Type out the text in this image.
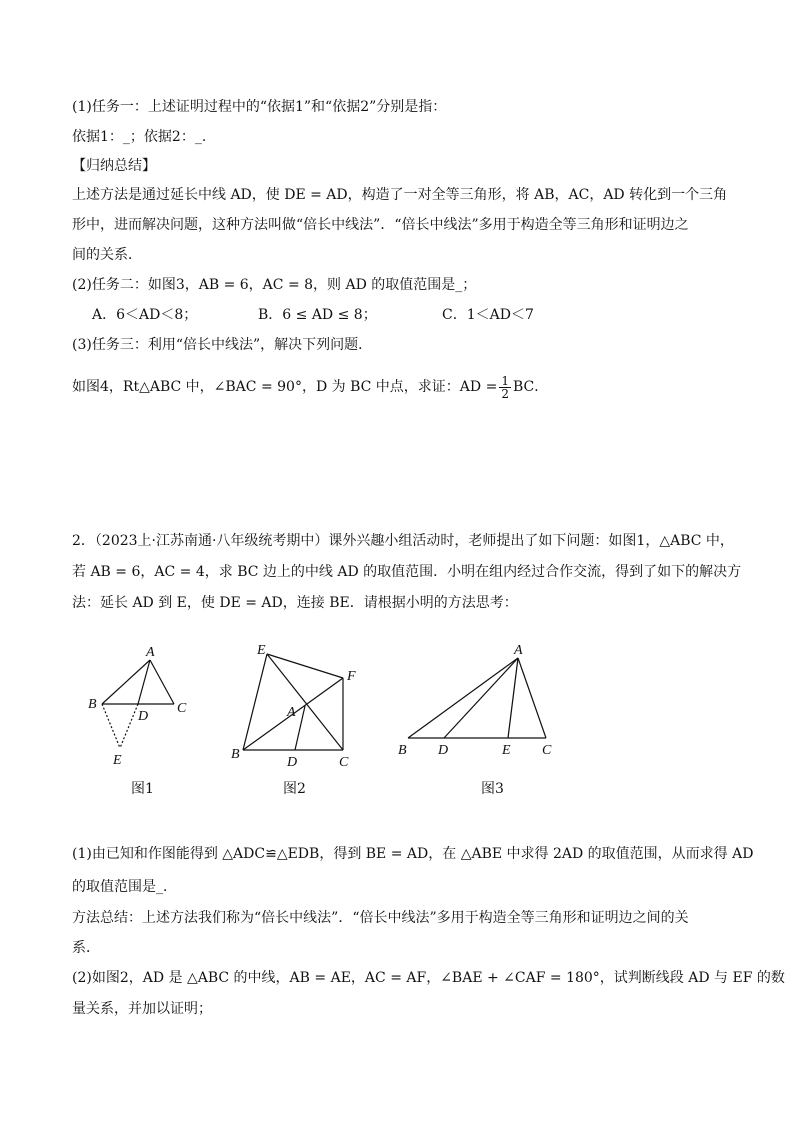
(1)任务一：上述证明过程中的“依据1”和“依据2”分别是指：
依据1：_；依据2：_.
【归纳总结】
上述方法是通过延长中线 AD，使 DE = AD，构造了一对全等三角形，将 AB，AC，AD 转化到一个三角
形中，进而解决问题，这种方法叫做“倍长中线法”．“倍长中线法”多用于构造全等三角形和证明边之
间的关系．
(2)任务二：如图3，AB = 6，AC = 8，则 AD 的取值范围是_；
A．6＜AD＜8；	B．6 ≤ AD ≤ 8；	C．1＜AD＜7
(3)任务三：利用“倍长中线法”，解决下列问题．
如图4，Rt△ABC 中，∠BAC = 90°，D 为 BC 中点，求证：AD = $\frac{1}{2}$ BC．
2．（2023上·江苏南通·八年级统考期中）课外兴趣小组活动时，老师提出了如下问题：如图1，△ABC 中，
若 AB = 6，AC = 4，求 BC 边上的中线 AD 的取值范围．小明在组内经过合作交流，得到了如下的解决方
法：延长 AD 到 E，使 DE = AD，连接 BE．请根据小明的方法思考：
A
B	C
D
E
图1
E
F
A
B
D	C
图2
A
B D	E C
图3
(1)由已知和作图能得到 △ADC≌△EDB，得到 BE = AD，在 △ABE 中求得 2AD 的取值范围，从而求得 AD
的取值范围是_．
方法总结：上述方法我们称为“倍长中线法”．“倍长中线法”多用于构造全等三角形和证明边之间的关
系．
(2)如图2，AD 是 △ABC 的中线，AB = AE，AC = AF，∠BAE + ∠CAF = 180°，试判断线段 AD 与 EF 的数
量关系，并加以证明；
